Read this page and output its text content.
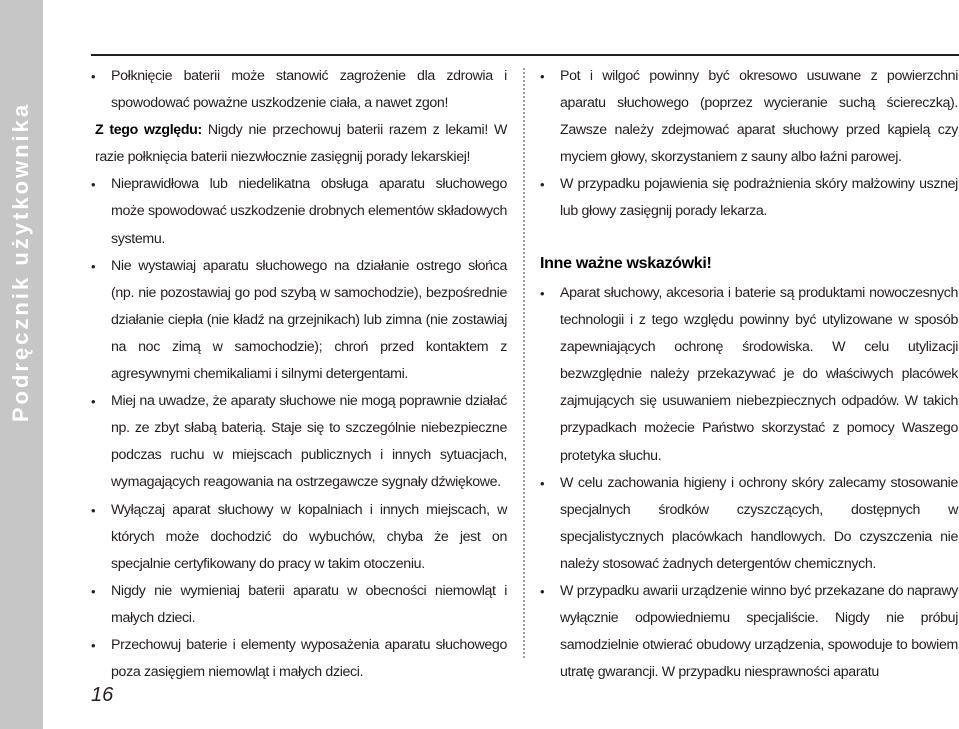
Podręcznik użytkownika
• Połknięcie baterii może stanowić zagrożenie dla zdrowia i spowodować poważne uszkodzenie ciała, a nawet zgon!
Z tego względu: Nigdy nie przechowuj baterii razem z lekami! W razie połknięcia baterii niezwłocznie zasięgnij porady lekarskiej!
• Nieprawidłowa lub niedelikatna obsługa aparatu słuchowego może spowodować uszkodzenie drobnych elementów składowych systemu.
• Nie wystawiaj aparatu słuchowego na działanie ostrego słońca (np. nie pozostawiaj go pod szybą w samochodzie), bezpośrednie działanie ciepła (nie kładź na grzejnikach) lub zimna (nie zostawiaj na noc zimą w samochodzie); chroń przed kontaktem z agresywnymi chemikaliami i silnymi detergentami.
• Miej na uwadze, że aparaty słuchowe nie mogą poprawnie działać np. ze zbyt słabą baterią. Staje się to szczególnie niebezpieczne podczas ruchu w miejscach publicznych i innych sytuacjach, wymagających reagowania na ostrzegawcze sygnały dźwiękowe.
• Wyłączaj aparat słuchowy w kopalniach i innych miejscach, w których może dochodzić do wybuchów, chyba że jest on specjalnie certyfikowany do pracy w takim otoczeniu.
• Nigdy nie wymieniaj baterii aparatu w obecności niemowląt i małych dzieci.
• Przechowuj baterie i elementy wyposażenia aparatu słuchowego poza zasięgiem niemowląt i małych dzieci.
• Pot i wilgoć powinny być okresowo usuwane z powierzchni aparatu słuchowego (poprzez wycieranie suchą ściereczką). Zawsze należy zdejmować aparat słuchowy przed kąpielą czy myciem głowy, skorzystaniem z sauny albo łaźni parowej.
• W przypadku pojawienia się podrażnienia skóry małżowiny usznej lub głowy zasięgnij porady lekarza.
Inne ważne wskazówki!
• Aparat słuchowy, akcesoria i baterie są produktami nowoczesnych technologii i z tego względu powinny być utylizowane w sposób zapewniających ochronę środowiska. W celu utylizacji bezwzględnie należy przekazywać je do właściwych placówek zajmujących się usuwaniem niebezpiecznych odpadów. W takich przypadkach możecie Państwo skorzystać z pomocy Waszego protetyka słuchu.
• W celu zachowania higieny i ochrony skóry zalecamy stosowanie specjalnych środków czyszczących, dostępnych w specjalistycznych placówkach handlowych. Do czyszczenia nie należy stosować żadnych detergentów chemicznych.
• W przypadku awarii urządzenie winno być przekazane do naprawy wyłącznie odpowiedniemu specjaliście. Nigdy nie próbuj samodzielnie otwierać obudowy urządzenia, spowoduje to bowiem utratę gwarancji. W przypadku niesprawności aparatu
16
